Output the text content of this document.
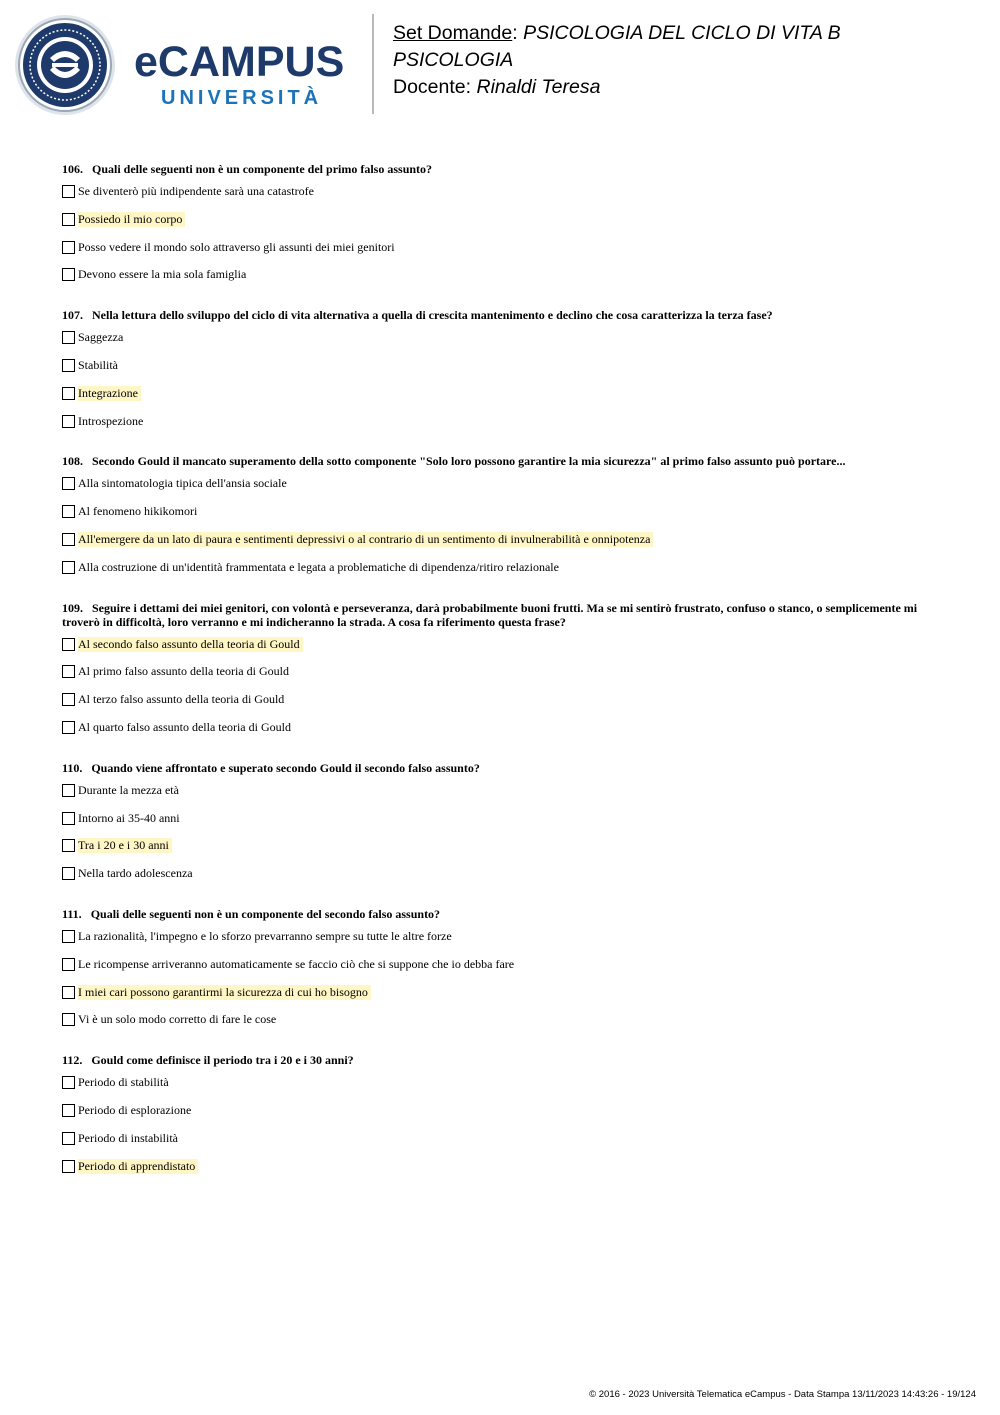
eCAMPUS
UNIVERSITÀ
Set Domande: PSICOLOGIA DEL CICLO DI VITA B
PSICOLOGIA
Docente: Rinaldi Teresa
106. Quali delle seguenti non è un componente del primo falso assunto?
Se diventerò più indipendente sarà una catastrofe
Possiedo il mio corpo
Posso vedere il mondo solo attraverso gli assunti dei miei genitori
Devono essere la mia sola famiglia
107. Nella lettura dello sviluppo del ciclo di vita alternativa a quella di crescita mantenimento e declino che cosa caratterizza la terza fase?
Saggezza
Stabilità
Integrazione
Introspezione
108. Secondo Gould il mancato superamento della sotto componente "Solo loro possono garantire la mia sicurezza" al primo falso assunto può portare...
Alla sintomatologia tipica dell'ansia sociale
Al fenomeno hikikomori
All'emergere da un lato di paura e sentimenti depressivi o al contrario di un sentimento di invulnerabilità e onnipotenza
Alla costruzione di un'identità frammentata e legata a problematiche di dipendenza/ritiro relazionale
109. Seguire i dettami dei miei genitori, con volontà e perseveranza, darà probabilmente buoni frutti. Ma se mi sentirò frustrato, confuso o stanco, o semplicemente mi troverò in difficoltà, loro verranno e mi indicheranno la strada. A cosa fa riferimento questa frase?
Al secondo falso assunto della teoria di Gould
Al primo falso assunto della teoria di Gould
Al terzo falso assunto della teoria di Gould
Al quarto falso assunto della teoria di Gould
110. Quando viene affrontato e superato secondo Gould il secondo falso assunto?
Durante la mezza età
Intorno ai 35-40 anni
Tra i 20 e i 30 anni
Nella tardo adolescenza
111. Quali delle seguenti non è un componente del secondo falso assunto?
La razionalità, l'impegno e lo sforzo prevarranno sempre su tutte le altre forze
Le ricompense arriveranno automaticamente se faccio ciò che si suppone che io debba fare
I miei cari possono garantirmi la sicurezza di cui ho bisogno
Vi è un solo modo corretto di fare le cose
112. Gould come definisce il periodo tra i 20 e i 30 anni?
Periodo di stabilità
Periodo di esplorazione
Periodo di instabilità
Periodo di apprendistato
© 2016 - 2023 Università Telematica eCampus - Data Stampa 13/11/2023 14:43:26 - 19/124
